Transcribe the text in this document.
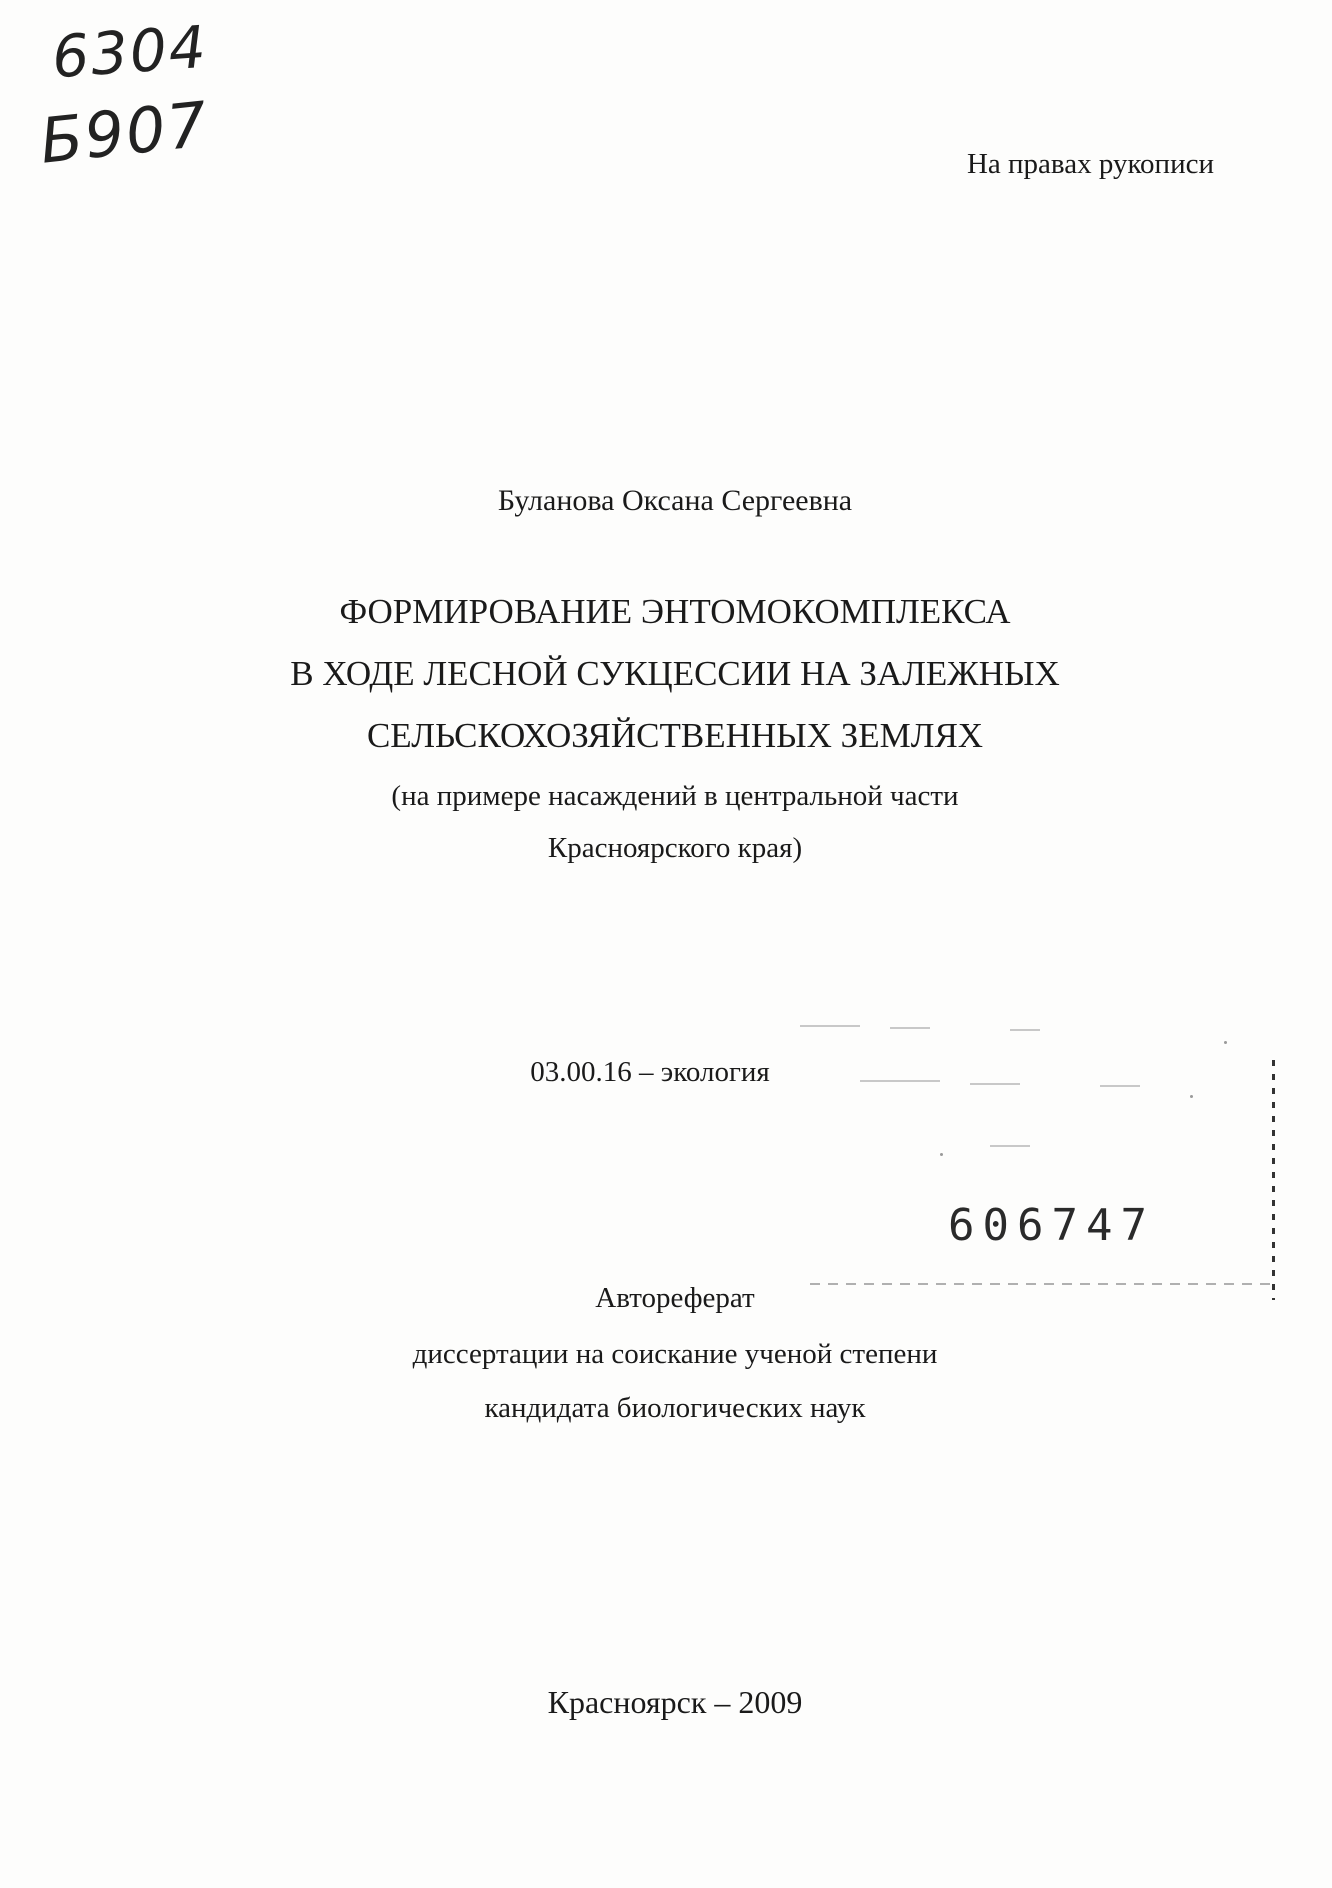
6304
Б907	На правах рукописи
Буланова Оксана Сергеевна
ФОРМИРОВАНИЕ ЭНТОМОКОМПЛЕКСА
В ХОДЕ ЛЕСНОЙ СУКЦЕССИИ НА ЗАЛЕЖНЫХ
СЕЛЬСКОХОЗЯЙСТВЕННЫХ ЗЕМЛЯХ
(на примере насаждений в центральной части
Красноярского края)
03.00.16 – экология
606747
Автореферат
диссертации на соискание ученой степени
кандидата биологических наук
Красноярск – 2009
